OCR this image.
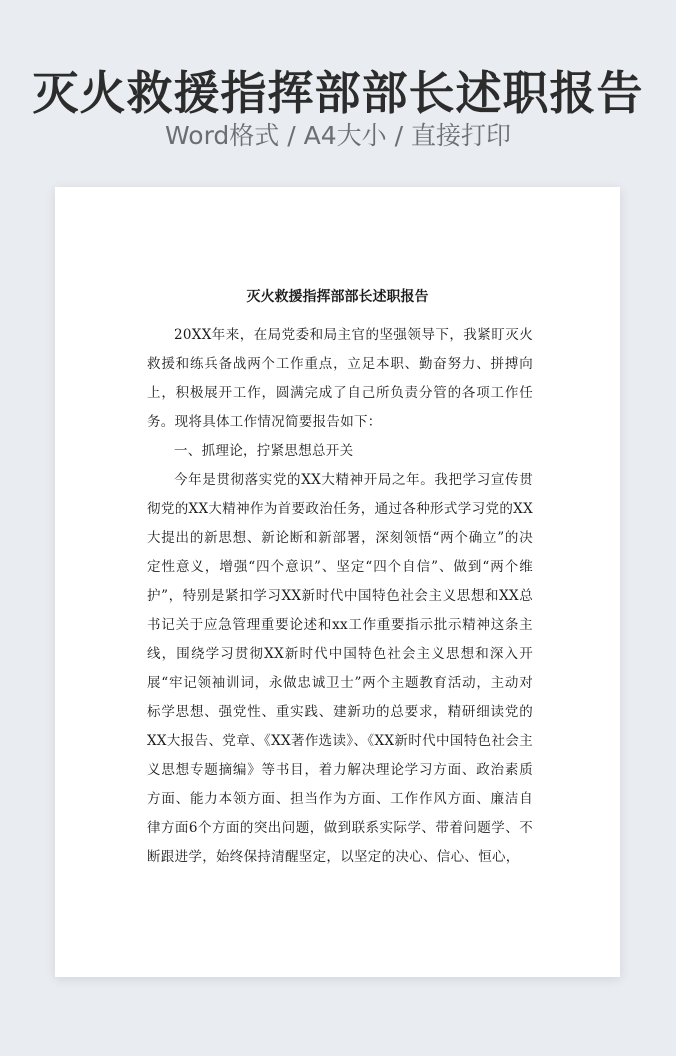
灭火救援指挥部部长述职报告
Word格式 / A4大小 / 直接打印
灭火救援指挥部部长述职报告

20XX年来，在局党委和局主官的坚强领导下，我紧盯灭火救援和练兵备战两个工作重点，立足本职、勤奋努力、拼搏向上，积极展开工作，圆满完成了自己所负责分管的各项工作任务。现将具体工作情况简要报告如下：

一、抓理论，拧紧思想总开关

今年是贯彻落实党的XX大精神开局之年。我把学习宣传贯彻党的XX大精神作为首要政治任务，通过各种形式学习党的XX大提出的新思想、新论断和新部署，深刻领悟“两个确立”的决定性意义，增强“四个意识”、坚定“四个自信”、做到“两个维护”，特别是紧扣学习XX新时代中国特色社会主义思想和XX总书记关于应急管理重要论述和xx工作重要指示批示精神这条主线，围绕学习贯彻XX新时代中国特色社会主义思想和深入开展“牢记领袖训词，永做忠诚卫士”两个主题教育活动，主动对标学思想、强党性、重实践、建新功的总要求，精研细读党的XX大报告、党章、《XX著作选读》、《XX新时代中国特色社会主义思想专题摘编》等书目，着力解决理论学习方面、政治素质方面、能力本领方面、担当作为方面、工作作风方面、廉洁自律方面6个方面的突出问题，做到联系实际学、带着问题学、不断跟进学，始终保持清醒坚定，以坚定的决心、信心、恒心，
